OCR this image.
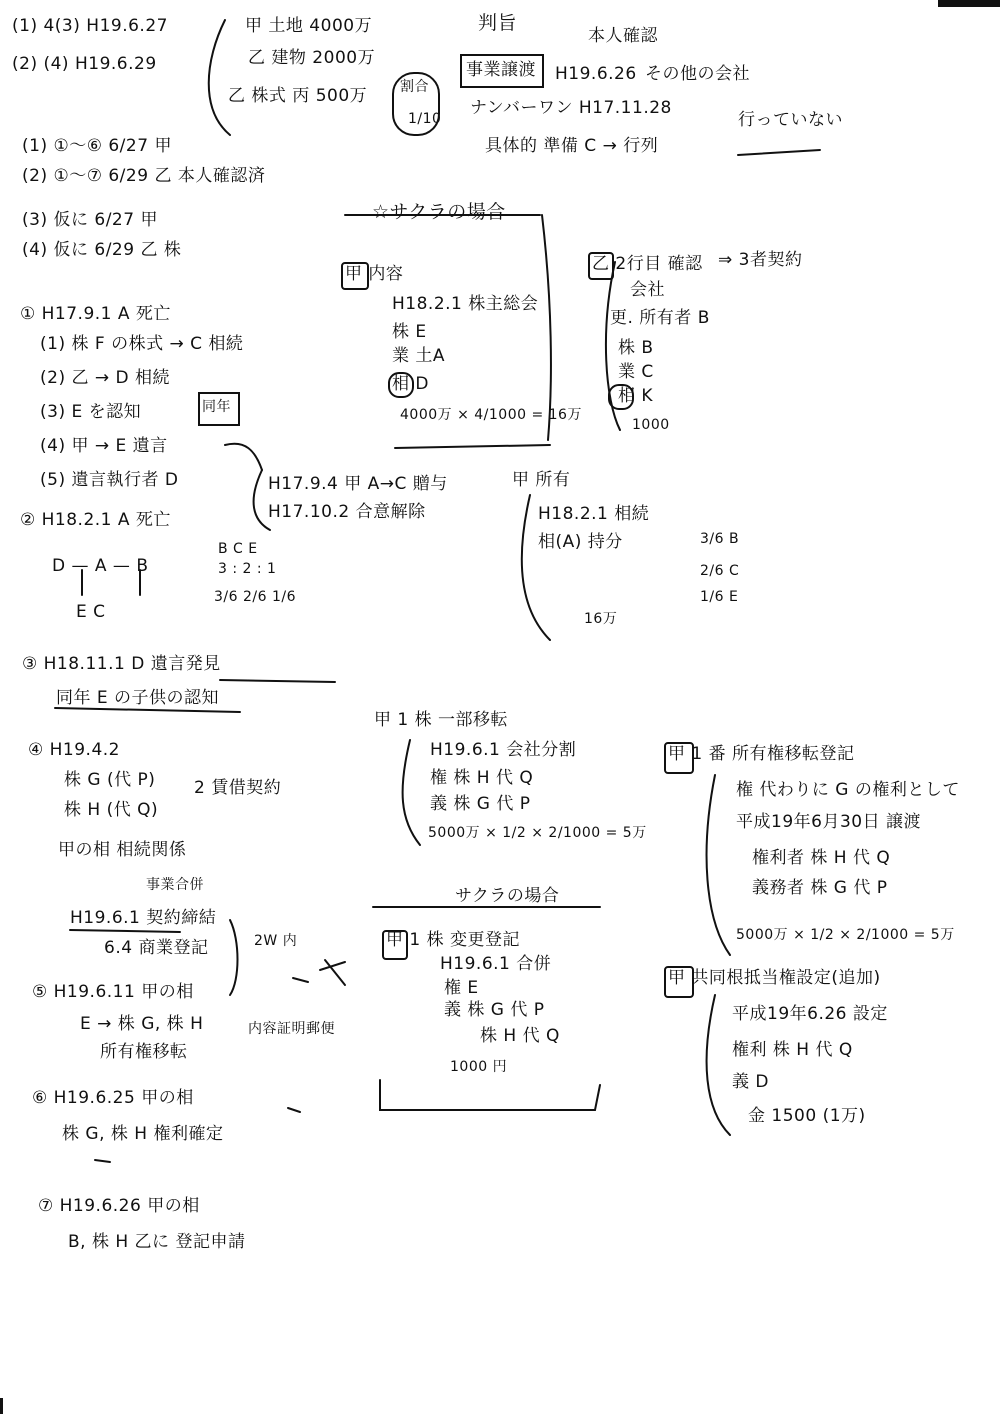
(1) 4(3) H19.6.27
(2) (4) H19.6.29
甲 土地 4000万
乙 建物 2000万
乙 株式 丙 500万 割合
1/10
判旨
本人確認
事業譲渡 H19.6.26 その他の会社
ナンバーワン H17.11.28
行っていない
具体的 準備 C → 行列
(1) ①〜⑥ 6/27 甲
(2) ①〜⑦ 6/29 乙 本人確認済
(3) 仮に 6/27 甲
(4) 仮に 6/29 乙 株
☆サクラの場合
甲 内容
H18.2.1 株主総会
株 E
業 土A
相 D
4000万 × 4/1000 = 16万
乙 2行目 確認 ⇒ 3者契約
会社
更. 所有者 B
株 B
業 C
相 K
1000
① H17.9.1 A 死亡
(1) 株 F の株式 → C 相続
(2) 乙 → D 相続
(3) E を認知	同年
(4) 甲 → E 遺言
(5) 遺言執行者 D	H17.9.4 甲 A→C 贈与
H17.10.2 合意解除
② H18.2.1 A 死亡
D — A — B
E C
B C E
3 : 2 : 1
3/6 2/6 1/6
③ H18.11.1 D 遺言発見
同年 E の子供の認知
④ H19.4.2
株 G (代 P)
株 H (代 Q)
2 賃借契約
甲の相 相続関係
事業合併
H19.6.1 契約締結
6.4 商業登記	2W 内
⑤ H19.6.11 甲の相
E → 株 G, 株 H	内容証明郵便
所有権移転
⑥ H19.6.25 甲の相
株 G, 株 H 権利確定
⑦ H19.6.26 甲の相
B, 株 H 乙に 登記申請
甲 所有
H18.2.1 相続
相(A) 持分	3/6 B
2/6 C
1/6 E
16万
甲 1 株 一部移転
H19.6.1 会社分割
権 株 H 代 Q
義 株 G 代 P
5000万 × 1/2 × 2/1000 = 5万
サクラの場合
甲 1 株 変更登記
H19.6.1 合併
権 E
義 株 G 代 P
株 H 代 Q
1000 円
甲 1 番 所有権移転登記
権 代わりに G の権利として
平成19年6月30日 譲渡
権利者 株 H 代 Q
義務者 株 G 代 P
5000万 × 1/2 × 2/1000 = 5万
甲 共同根抵当権設定(追加)
平成19年6.26 設定
権利 株 H 代 Q
義 D
金 1500 (1万)
